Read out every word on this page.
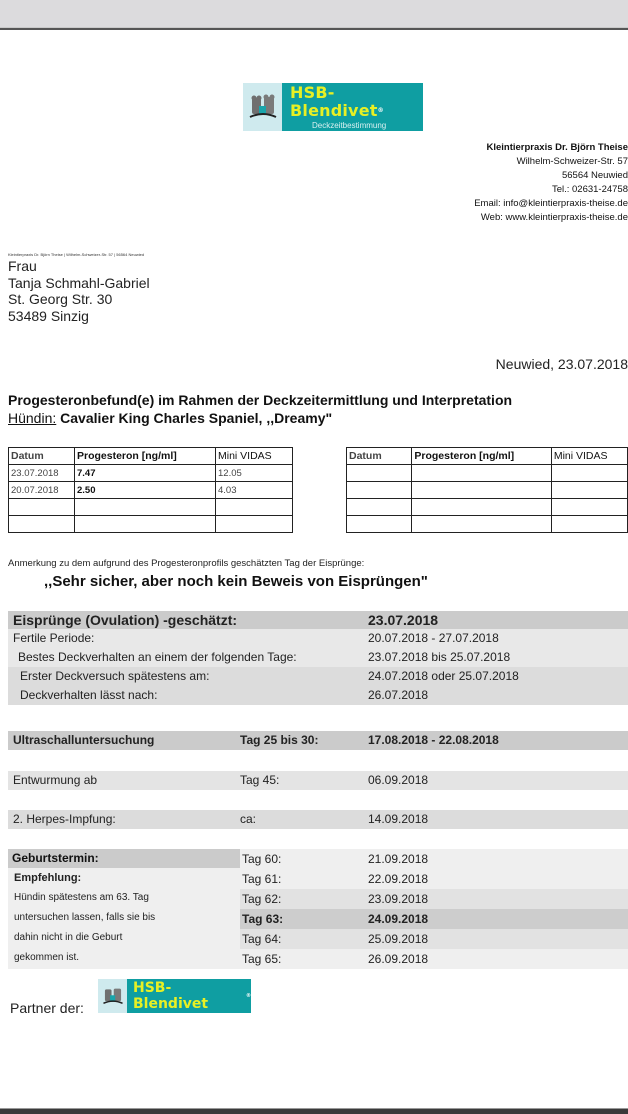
HSB-Blendivet®
Deckzeitbestimmung
Kleintierpraxis Dr. Björn Theise
Wilhelm-Schweizer-Str. 57
56564 Neuwied
Tel.: 02631-24758
Email: info@kleintierpraxis-theise.de
Web: www.kleintierpraxis-theise.de
Kleintierpraxis Dr. Björn Theise | Wilhelm-Schweizer-Str. 57 | 56564 Neuwied
Frau
Tanja Schmahl-Gabriel
St. Georg Str. 30
53489 Sinzig
Neuwied, 23.07.2018
Progesteronbefund(e) im Rahmen der Deckzeitermittlung und Interpretation
Hündin: Cavalier King Charles Spaniel, ,,Dreamy"
Datum	Progesteron [ng/ml]	Mini VIDAS
23.07.2018	7.47	12.05
20.07.2018	2.50	4.03

Datum	Progesteron [ng/ml]	Mini VIDAS

Anmerkung zu dem aufgrund des Progesteronprofils geschätzten Tag der Eisprünge:
,,Sehr sicher, aber noch kein Beweis von Eisprüngen"
Eisprünge (Ovulation) -geschätzt:	23.07.2018
Fertile Periode:	20.07.2018 - 27.07.2018
Bestes Deckverhalten an einem der folgenden Tage:	23.07.2018 bis 25.07.2018
Erster Deckversuch spätestens am:	24.07.2018 oder 25.07.2018
Deckverhalten lässt nach:	26.07.2018
Ultraschalluntersuchung	Tag 25 bis 30:	17.08.2018 - 22.08.2018
Entwurmung ab	Tag 45:	06.09.2018
2. Herpes-Impfung:	ca:	14.09.2018
Geburtstermin:
Empfehlung:
Hündin spätestens am 63. Tag
untersuchen lassen, falls sie bis
dahin nicht in die Geburt
gekommen ist.
Tag 60:	21.09.2018
Tag 61:	22.09.2018
Tag 62:	23.09.2018
Tag 63:	24.09.2018
Tag 64:	25.09.2018
Tag 65:	26.09.2018
Partner der:
HSB-Blendivet	®
